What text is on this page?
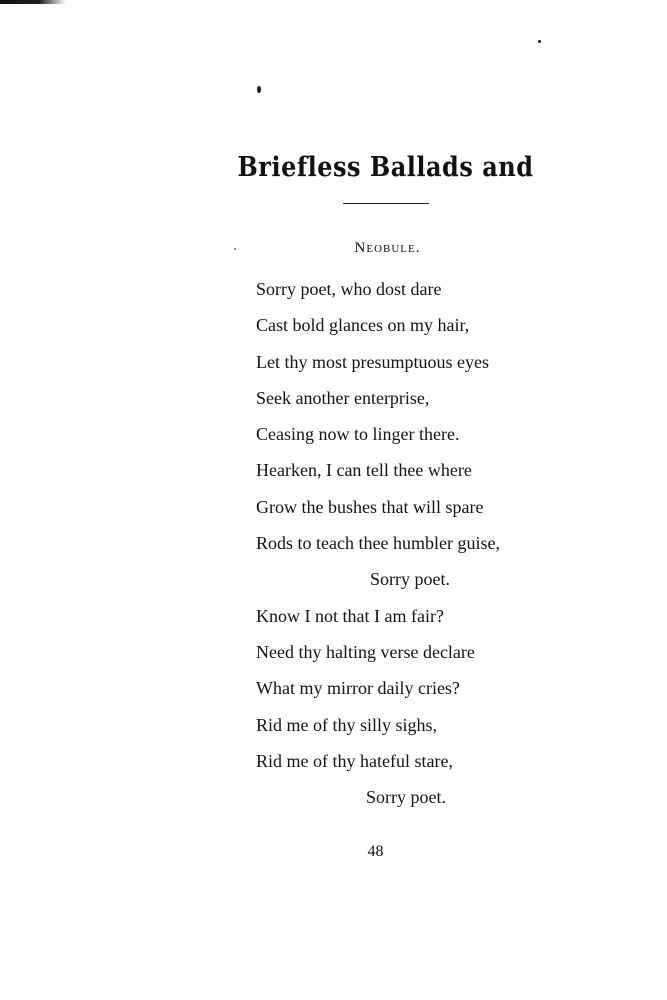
Briefless Ballads and
Neobule.
Sorry poet, who dost dare
Cast bold glances on my hair,
Let thy most presumptuous eyes
Seek another enterprise,
Ceasing now to linger there.
Hearken, I can tell thee where
Grow the bushes that will spare
Rods to teach thee humbler guise,
Sorry poet.
Know I not that I am fair?
Need thy halting verse declare
What my mirror daily cries?
Rid me of thy silly sighs,
Rid me of thy hateful stare,
Sorry poet.
48
